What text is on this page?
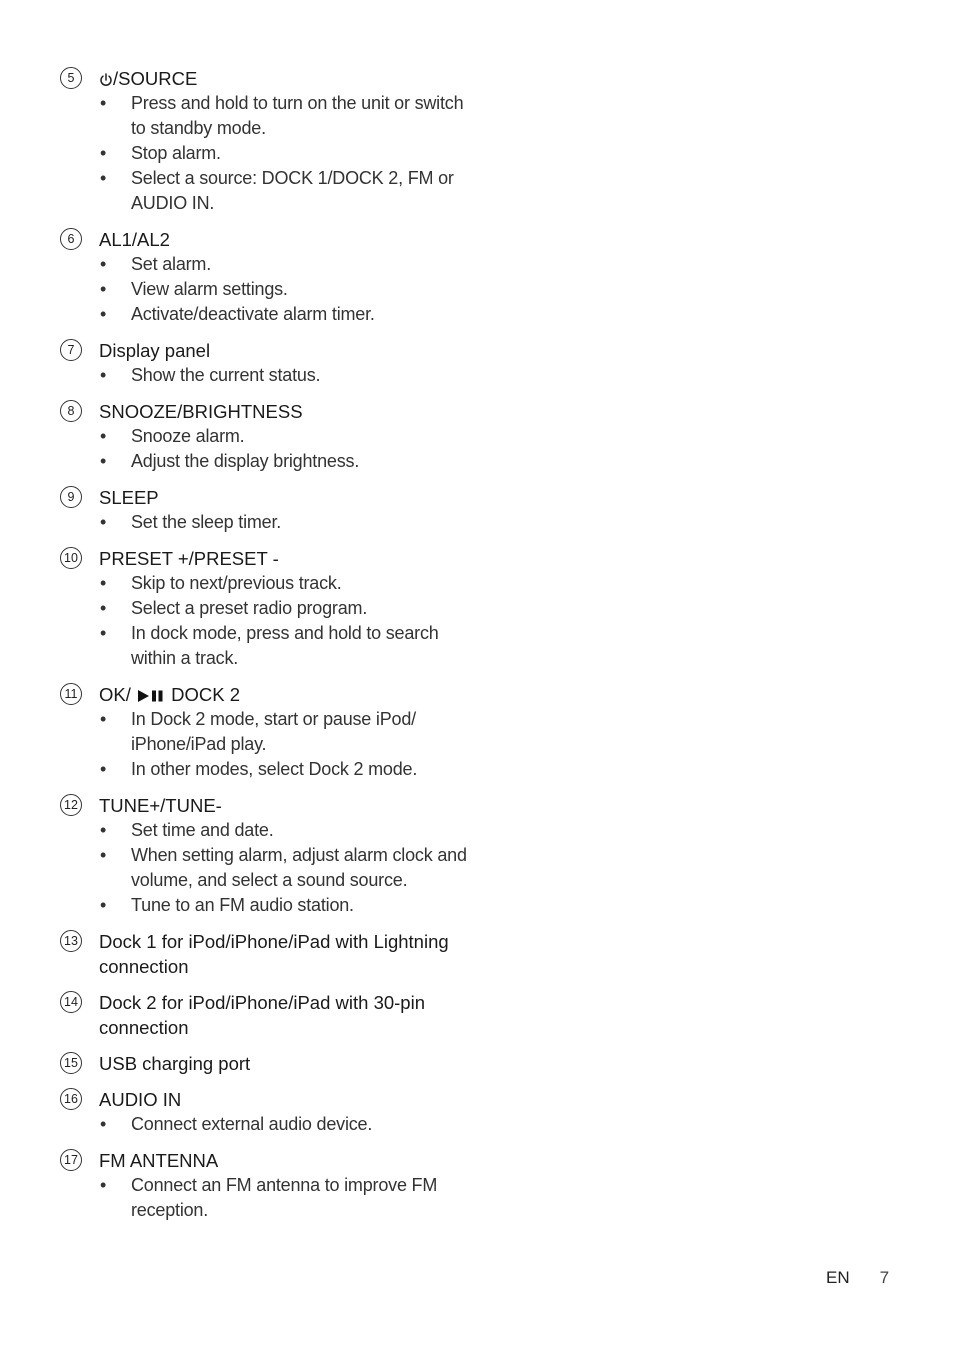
5	/SOURCE
• Press and hold to turn on the unit or switch to standby mode.
• Stop alarm.
• Select a source: DOCK 1/DOCK 2, FM or AUDIO IN.
6	AL1/AL2
• Set alarm.
• View alarm settings.
• Activate/deactivate alarm timer.
7	Display panel
• Show the current status.
8	SNOOZE/BRIGHTNESS
• Snooze alarm.
• Adjust the display brightness.
9	SLEEP
• Set the sleep timer.
10 PRESET +/PRESET -
• Skip to next/previous track.
• Select a preset radio program.
• In dock mode, press and hold to search within a track.
11 OK/ DOCK 2
• In Dock 2 mode, start or pause iPod/ iPhone/iPad play.
• In other modes, select Dock 2 mode.
12 TUNE+/TUNE-
• Set time and date.
• When setting alarm, adjust alarm clock and volume, and select a sound source.
• Tune to an FM audio station.
13 Dock 1 for iPod/iPhone/iPad with Lightning connection
14 Dock 2 for iPod/iPhone/iPad with 30-pin connection
15 USB charging port
16 AUDIO IN
• Connect external audio device.
17 FM ANTENNA
• Connect an FM antenna to improve FM reception.
EN 7
